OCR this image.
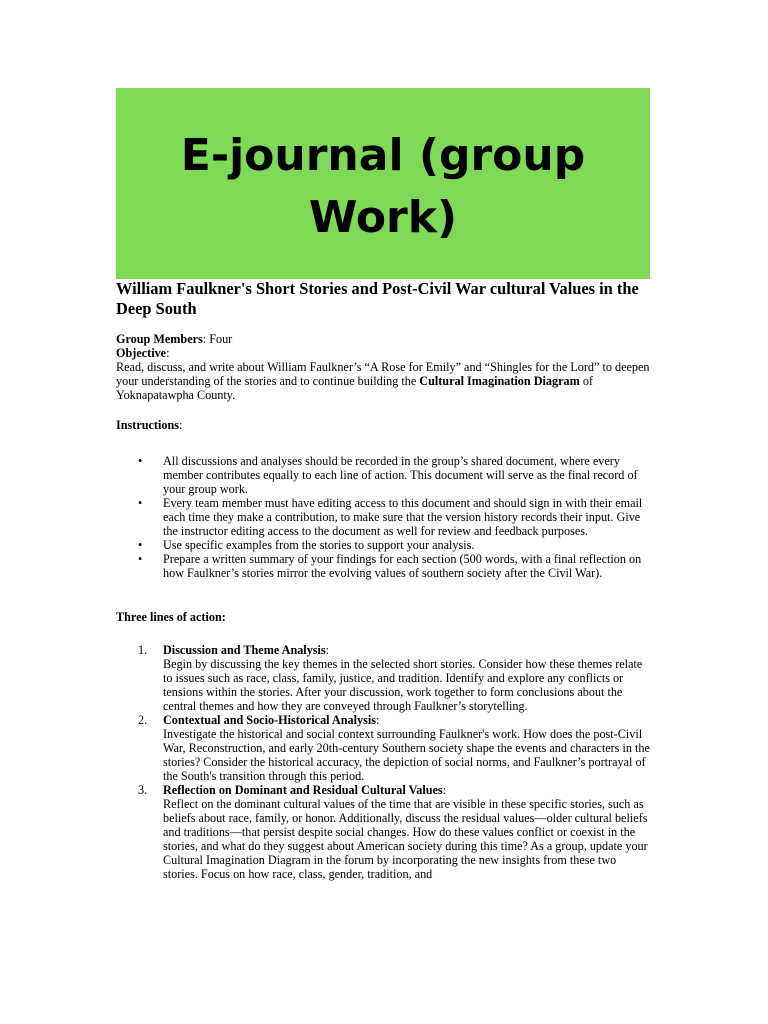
E-journal (group Work)
William Faulkner's Short Stories and Post-Civil War cultural Values in the Deep South

Group Members: Four

Objective:

Read, discuss, and write about William Faulkner’s “A Rose for Emily” and “Shingles for the Lord” to deepen your understanding of the stories and to continue building the Cultural Imagination Diagram of Yoknapatawpha County.

Instructions:

• All discussions and analyses should be recorded in the group’s shared document, where every member contributes equally to each line of action. This document will serve as the final record of your group work.
• Every team member must have editing access to this document and should sign in with their email each time they make a contribution, to make sure that the version history records their input. Give the instructor editing access to the document as well for review and feedback purposes.
• Use specific examples from the stories to support your analysis.
• Prepare a written summary of your findings for each section (500 words, with a final reflection on how Faulkner’s stories mirror the evolving values of southern society after the Civil War).

Three lines of action:

1. Discussion and Theme Analysis:
Begin by discussing the key themes in the selected short stories. Consider how these themes relate to issues such as race, class, family, justice, and tradition. Identify and explore any conflicts or tensions within the stories. After your discussion, work together to form conclusions about the central themes and how they are conveyed through Faulkner’s storytelling.
2. Contextual and Socio-Historical Analysis:
Investigate the historical and social context surrounding Faulkner's work. How does the post-Civil War, Reconstruction, and early 20th-century Southern society shape the events and characters in the stories? Consider the historical accuracy, the depiction of social norms, and Faulkner’s portrayal of the South's transition through this period.
3. Reflection on Dominant and Residual Cultural Values:
Reflect on the dominant cultural values of the time that are visible in these specific stories, such as beliefs about race, family, or honor. Additionally, discuss the residual values—older cultural beliefs and traditions—that persist despite social changes. How do these values conflict or coexist in the stories, and what do they suggest about American society during this time? As a group, update your Cultural Imagination Diagram in the forum by incorporating the new insights from these two stories. Focus on how race, class, gender, tradition, and
